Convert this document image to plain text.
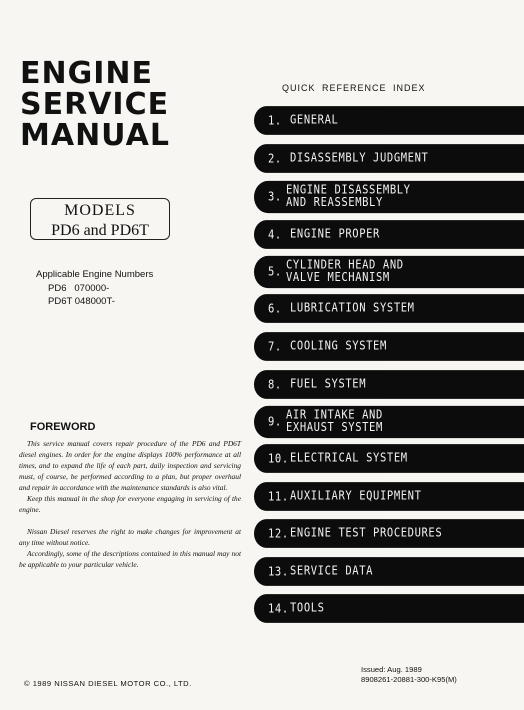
ENGINE
SERVICE
MANUAL
MODELS
PD6 and PD6T
Applicable Engine Numbers
PD6   070000-
PD6T 048000T-
FOREWORD

This service manual covers repair procedure of the PD6 and PD6T diesel engines. In order for the engine displays 100% performance at all times, and to expand the life of each part, daily inspection and servicing must, of course, be performed according to a plan, but proper overhaul and repair in accordance with the maintenance standards is also vital.

Keep this manual in the shop for everyone engaging in servicing of the engine.

Nissan Diesel reserves the right to make changes for improvement at any time without notice.

Accordingly, some of the descriptions contained in this manual may not be applicable to your particular vehicle.

© 1989 NISSAN DIESEL MOTOR CO., LTD.
QUICK REFERENCE INDEX
1. GENERAL
2. DISASSEMBLY JUDGMENT
3. ENGINE DISASSEMBLY
AND REASSEMBLY
4. ENGINE PROPER
5. CYLINDER HEAD AND
VALVE MECHANISM
6. LUBRICATION SYSTEM
7. COOLING SYSTEM
8. FUEL SYSTEM
9. AIR INTAKE AND
EXHAUST SYSTEM
10. ELECTRICAL SYSTEM
11. AUXILIARY EQUIPMENT
12. ENGINE TEST PROCEDURES
13. SERVICE DATA
14. TOOLS
Issued: Aug. 1989
8908261-20881-300-K95(M)
